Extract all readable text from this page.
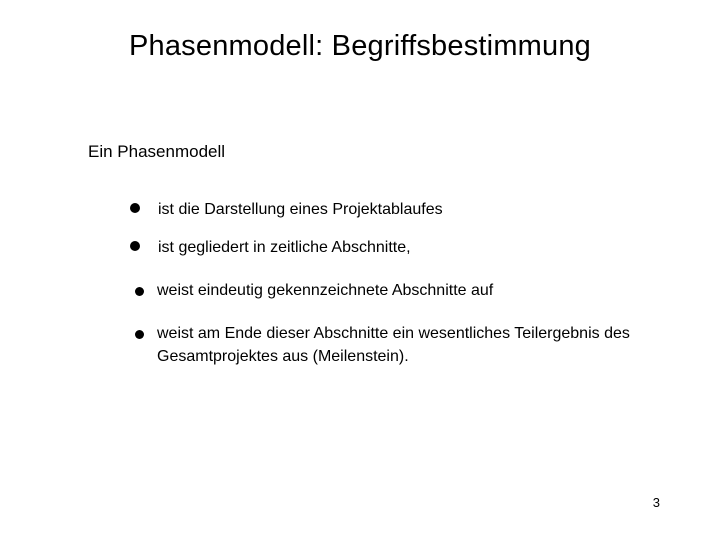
Phasenmodell: Begriffsbestimmung
Ein Phasenmodell
ist die Darstellung eines Projektablaufes
ist gegliedert in zeitliche Abschnitte,
weist eindeutig gekennzeichnete Abschnitte auf
weist am Ende dieser Abschnitte ein wesentliches Teilergebnis des Gesamtprojektes aus (Meilenstein).
3
